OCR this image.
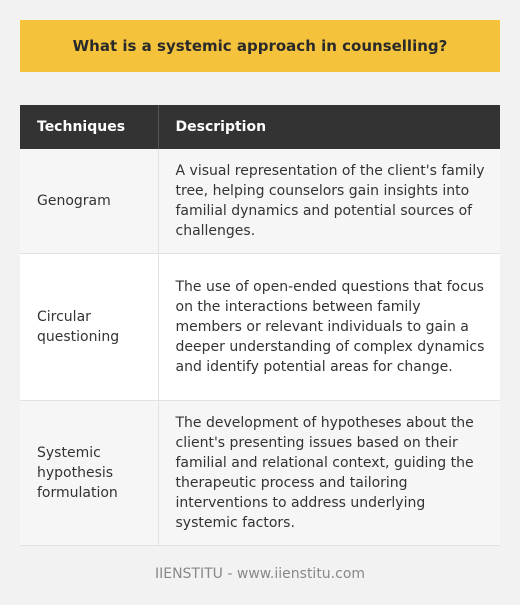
What is a systemic approach in counselling?
Techniques	Description
Genogram	A visual representation of the client's family tree, helping counselors gain insights into familial dynamics and potential sources of challenges.
Circular questioning	The use of open-ended questions that focus on the interactions between family members or relevant individuals to gain a deeper understanding of complex dynamics and identify potential areas for change.
Systemic hypothesis formulation	The development of hypotheses about the client's presenting issues based on their familial and relational context, guiding the therapeutic process and tailoring interventions to address underlying systemic factors.
IIENSTITU - www.iienstitu.com
